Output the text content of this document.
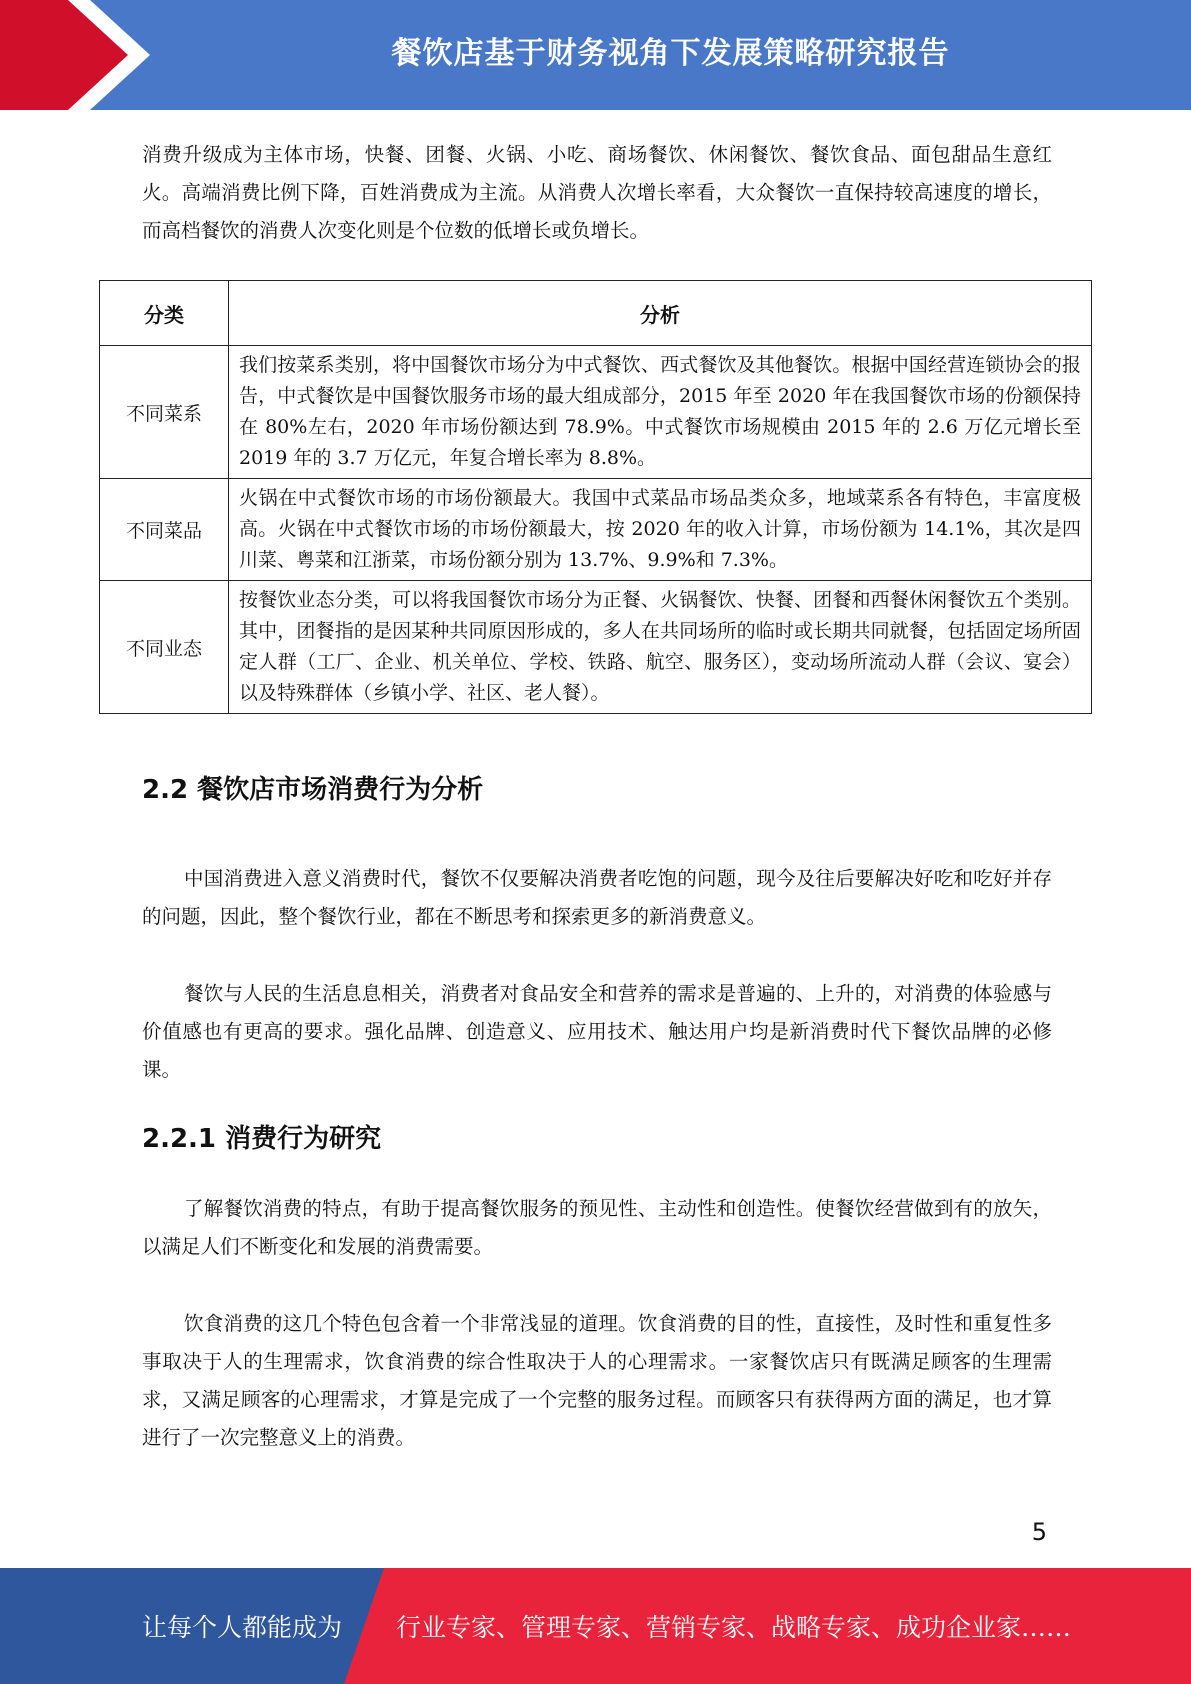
餐饮店基于财务视角下发展策略研究报告

消费升级成为主体市场，快餐、团餐、火锅、小吃、商场餐饮、休闲餐饮、餐饮食品、面包甜品生意红火。高端消费比例下降，百姓消费成为主流。从消费人次增长率看，大众餐饮一直保持较高速度的增长，而高档餐饮的消费人次变化则是个位数的低增长或负增长。

分类	分析
不同菜系	我们按菜系类别，将中国餐饮市场分为中式餐饮、西式餐饮及其他餐饮。根据中国经营连锁协会的报告，中式餐饮是中国餐饮服务市场的最大组成部分，2015 年至 2020 年在我国餐饮市场的份额保持在 80%左右，2020 年市场份额达到 78.9%。中式餐饮市场规模由 2015 年的 2.6 万亿元增长至 2019 年的 3.7 万亿元，年复合增长率为 8.8%。
不同菜品	火锅在中式餐饮市场的市场份额最大。我国中式菜品市场品类众多，地域菜系各有特色，丰富度极高。火锅在中式餐饮市场的市场份额最大，按 2020 年的收入计算，市场份额为 14.1%，其次是四川菜、粤菜和江浙菜，市场份额分别为 13.7%、9.9%和 7.3%。
不同业态	按餐饮业态分类，可以将我国餐饮市场分为正餐、火锅餐饮、快餐、团餐和西餐休闲餐饮五个类别。其中，团餐指的是因某种共同原因形成的，多人在共同场所的临时或长期共同就餐，包括固定场所固定人群（工厂、企业、机关单位、学校、铁路、航空、服务区），变动场所流动人群（会议、宴会）以及特殊群体（乡镇小学、社区、老人餐）。
2.2 餐饮店市场消费行为分析

中国消费进入意义消费时代，餐饮不仅要解决消费者吃饱的问题，现今及往后要解决好吃和吃好并存的问题，因此，整个餐饮行业，都在不断思考和探索更多的新消费意义。

餐饮与人民的生活息息相关，消费者对食品安全和营养的需求是普遍的、上升的，对消费的体验感与价值感也有更高的要求。强化品牌、创造意义、应用技术、触达用户均是新消费时代下餐饮品牌的必修课。

2.2.1 消费行为研究

了解餐饮消费的特点，有助于提高餐饮服务的预见性、主动性和创造性。使餐饮经营做到有的放矢，以满足人们不断变化和发展的消费需要。

饮食消费的这几个特色包含着一个非常浅显的道理。饮食消费的目的性，直接性，及时性和重复性多事取决于人的生理需求，饮食消费的综合性取决于人的心理需求。一家餐饮店只有既满足顾客的生理需求，又满足顾客的心理需求，才算是完成了一个完整的服务过程。而顾客只有获得两方面的满足，也才算进行了一次完整意义上的消费。

5
让每个人都能成为 行业专家、管理专家、营销专家、战略专家、成功企业家……
